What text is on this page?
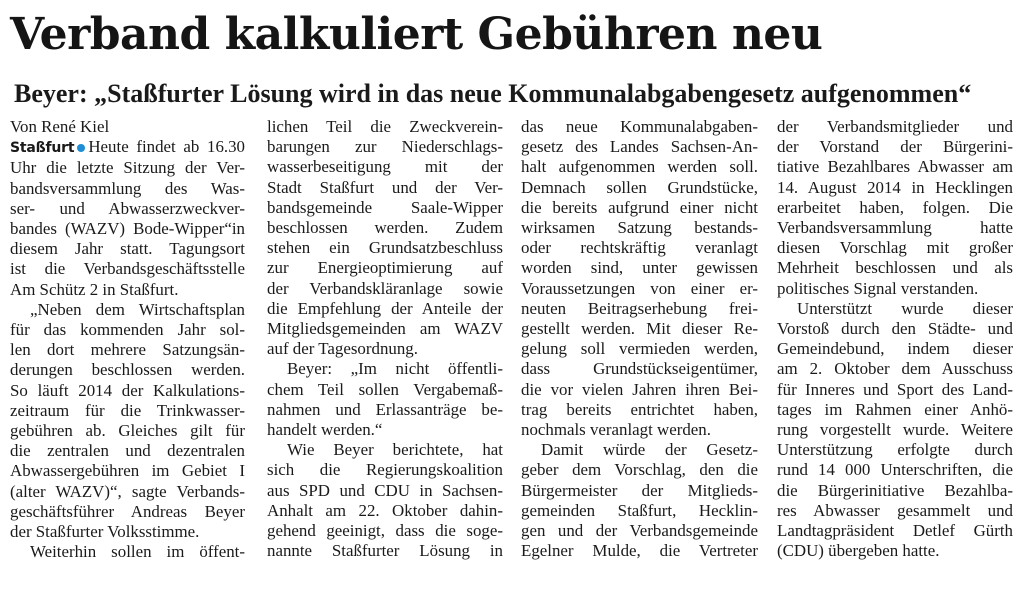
Verband kalkuliert Gebühren neu
Beyer: „Staßfurter Lösung wird in das neue Kommunalabgabengesetz aufgenommen“
Von René Kiel
Staßfurt Heute findet ab 16.30
Uhr die letzte Sitzung der Ver-
bandsversammlung des Was-
ser- und Abwasserzweckver-
bandes (WAZV) Bode-Wipper“in
diesem Jahr statt. Tagungsort
ist die Verbandsgeschäftsstelle
Am Schütz 2 in Staßfurt.
„Neben dem Wirtschaftsplan
für das kommenden Jahr sol-
len dort mehrere Satzungsän-
derungen beschlossen werden.
So läuft 2014 der Kalkulations-
zeitraum für die Trinkwasser-
gebühren ab. Gleiches gilt für
die zentralen und dezentralen
Abwassergebühren im Gebiet I
(alter WAZV)“, sagte Verbands-
geschäftsführer Andreas Beyer
der Staßfurter Volksstimme.
Weiterhin sollen im öffent-
lichen Teil die Zweckverein-
barungen zur Niederschlags-
wasserbeseitigung mit der
Stadt Staßfurt und der Ver-
bandsgemeinde Saale-Wipper
beschlossen werden. Zudem
stehen ein Grundsatzbeschluss
zur Energieoptimierung auf
der Verbandskläranlage sowie
die Empfehlung der Anteile der
Mitgliedsgemeinden am WAZV
auf der Tagesordnung.
Beyer: „Im nicht öffentli-
chem Teil sollen Vergabemaß-
nahmen und Erlassanträge be-
handelt werden.“
Wie Beyer berichtete, hat
sich die Regierungskoalition
aus SPD und CDU in Sachsen-
Anhalt am 22. Oktober dahin-
gehend geeinigt, dass die soge-
nannte Staßfurter Lösung in
das neue Kommunalabgaben-
gesetz des Landes Sachsen-An-
halt aufgenommen werden soll.
Demnach sollen Grundstücke,
die bereits aufgrund einer nicht
wirksamen Satzung bestands-
oder rechtskräftig veranlagt
worden sind, unter gewissen
Voraussetzungen von einer er-
neuten Beitragserhebung frei-
gestellt werden. Mit dieser Re-
gelung soll vermieden werden,
dass Grundstückseigentümer,
die vor vielen Jahren ihren Bei-
trag bereits entrichtet haben,
nochmals veranlagt werden.
Damit würde der Gesetz-
geber dem Vorschlag, den die
Bürgermeister der Mitglieds-
gemeinden Staßfurt, Hecklin-
gen und der Verbandsgemeinde
Egelner Mulde, die Vertreter
der Verbandsmitglieder und
der Vorstand der Bürgerini-
tiative Bezahlbares Abwasser am
14. August 2014 in Hecklingen
erarbeitet haben, folgen. Die
Verbandsversammlung hatte
diesen Vorschlag mit großer
Mehrheit beschlossen und als
politisches Signal verstanden.
Unterstützt wurde dieser
Vorstoß durch den Städte- und
Gemeindebund, indem dieser
am 2. Oktober dem Ausschuss
für Inneres und Sport des Land-
tages im Rahmen einer Anhö-
rung vorgestellt wurde. Weitere
Unterstützung erfolgte durch
rund 14 000 Unterschriften, die
die Bürgerinitiative Bezahlba-
res Abwasser gesammelt und
Landtagpräsident Detlef Gürth
(CDU) übergeben hatte.
